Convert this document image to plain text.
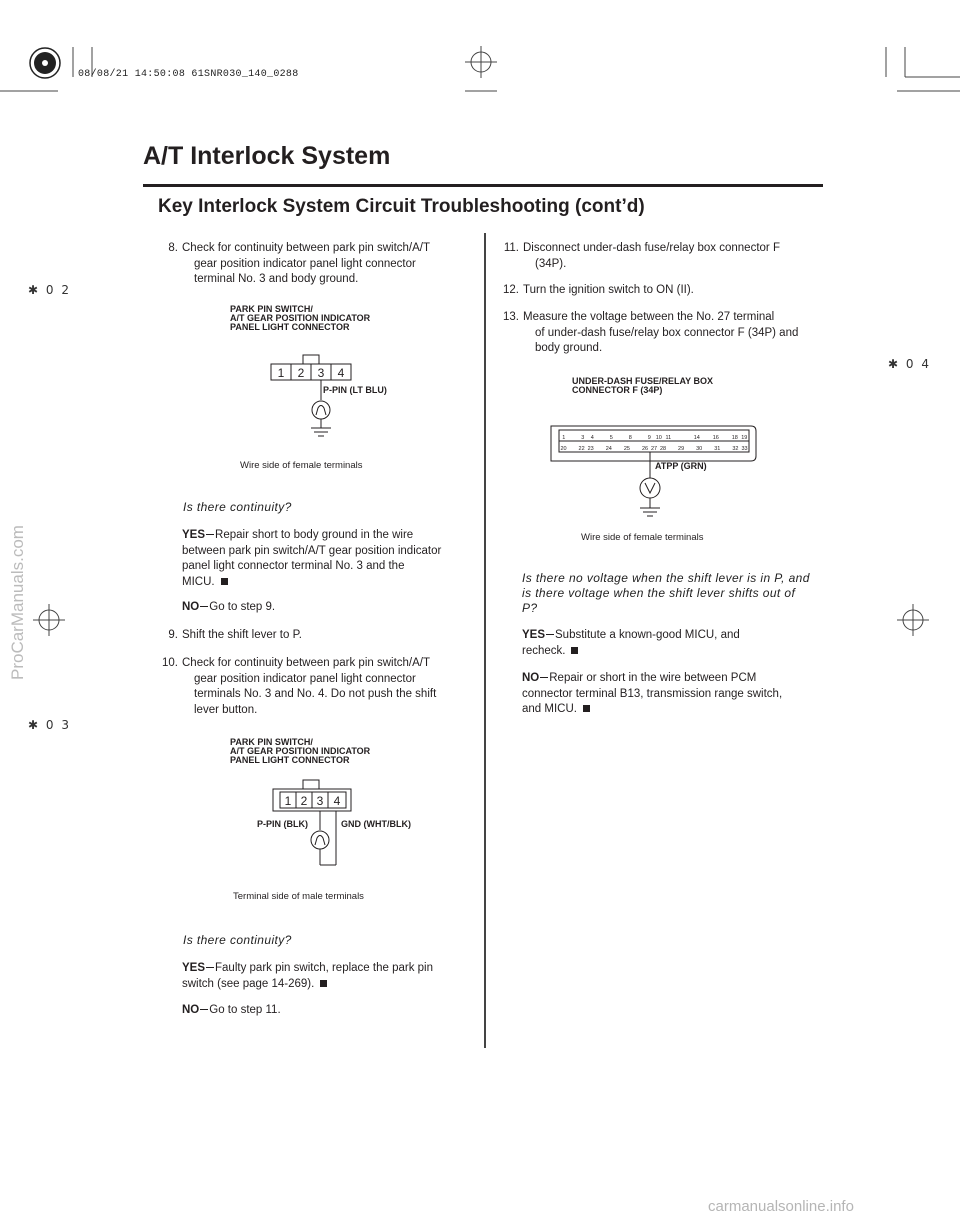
08/08/21 14:50:08 61SNR030_140_0288
A/T Interlock System
Key Interlock System Circuit Troubleshooting (cont’d)
✱ 0 2
✱ 0 3
✱ 0 4
8. Check for continuity between park pin switch/A/T
gear position indicator panel light connector
terminal No. 3 and body ground.
PARK PIN SWITCH/
A/T GEAR POSITION INDICATOR
PANEL LIGHT CONNECTOR
1 2 3 4
P-PIN (LT BLU)
Wire side of female terminals
Is there continuity?
YES Repair short to body ground in the wire
between park pin switch/A/T gear position indicator
panel light connector terminal No. 3 and the
MICU.
NO Go to step 9.
9. Shift the shift lever to P.
10. Check for continuity between park pin switch/A/T
gear position indicator panel light connector
terminals No. 3 and No. 4. Do not push the shift
lever button.
PARK PIN SWITCH/
A/T GEAR POSITION INDICATOR
PANEL LIGHT CONNECTOR
1 2 3 4
P-PIN (BLK)	GND (WHT/BLK)
Terminal side of male terminals
Is there continuity?
YES Faulty park pin switch, replace the park pin
switch (see page 14-269).
NO Go to step 11.
11. Disconnect under-dash fuse/relay box connector F
(34P).
12. Turn the ignition switch to ON (II).
13. Measure the voltage between the No. 27 terminal
of under-dash fuse/relay box connector F (34P) and
body ground.
UNDER-DASH FUSE/RELAY BOX
CONNECTOR F (34P)
1	3 4	5	8	9 10 11	14 16 18 19
20 22 23 24 25 26 27 28 29 30 31 32 33
ATPP (GRN)
Wire side of female terminals
Is there no voltage when the shift lever is in P, and
is there voltage when the shift lever shifts out of
P?
YES Substitute a known-good MICU, and
recheck.
NO Repair or short in the wire between PCM
connector terminal B13, transmission range switch,
and MICU.
ProCarManuals.com
carmanualsonline.info
